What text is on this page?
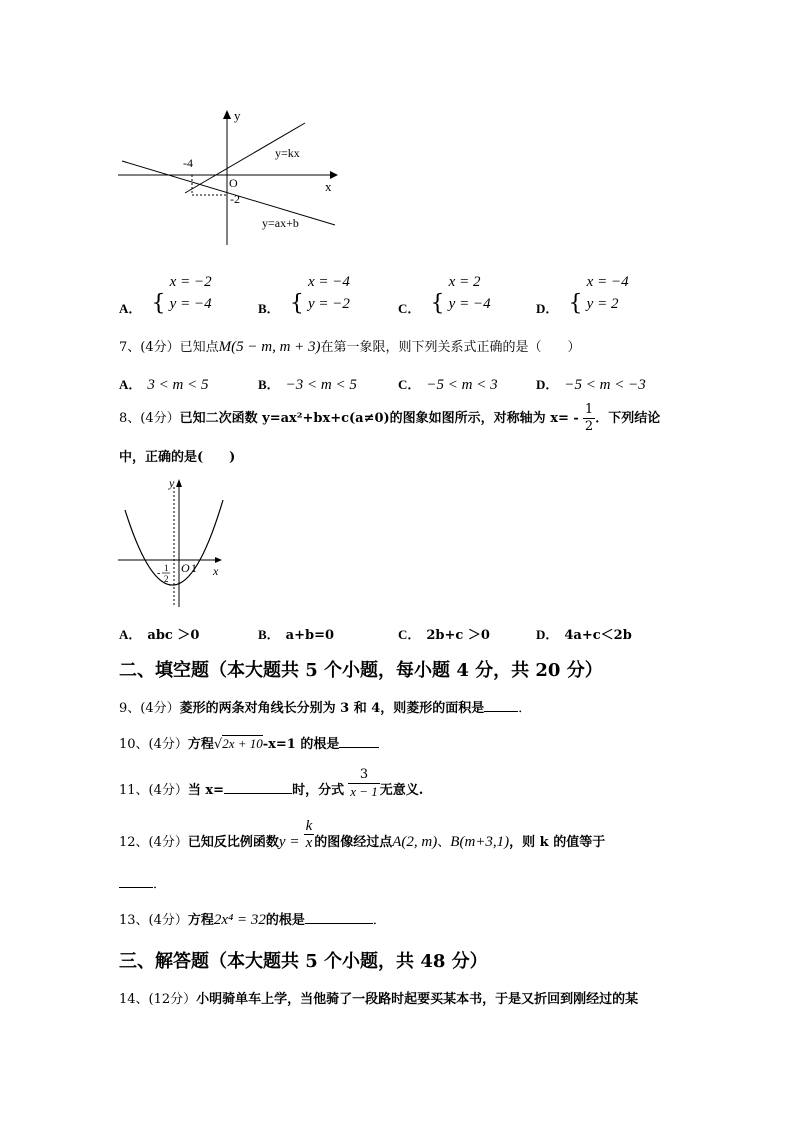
y
x
O
-4
-2
y=kx
y=ax+b
A． {
x = −2
y = −4	B． {
x = −4
y = −2	C． {
x = 2
y = −4	D． {
x = −4
y = 2
7、(4分）已知点M(5 − m, m + 3)在第一象限，则下列关系式正确的是（　　）
A． 3 < m < 5	B． −3 < m < 5	C． −5 < m < 3	D． −5 < m < −3
8、(4分）已知二次函数 y=ax²+bx+c(a≠0)的图象如图所示，对称轴为 $x= - \frac{1}{2}$ ．下列结论
中，正确的是(　　)
y
x
O 1
- 1
2
A． abc ＞0	B． a+b=0	C． 2b+c ＞0	D． 4a+c＜2b
二、填空题（本大题共 5 个小题，每小题 4 分，共 20 分）
9、(4分）菱形的两条对角线长分别为 3 和 4，则菱形的面积是	．
10、(4分）方程√2x + 10-x=1 的根是
11、(4分）当 x=	时，分式 $\frac{3}{x - 1}$ 无意义.
12、(4分）已知反比例函数$y = \frac{k}{x}$ 的图像经过点A(2, m)、B(m+3,1)，则 k 的值等于
．
13、(4分）方程2x⁴ = 32的根是	．
三、解答题（本大题共 5 个小题，共 48 分）
14、(12分）小明骑单车上学，当他骑了一段路时起要买某本书，于是又折回到刚经过的某
